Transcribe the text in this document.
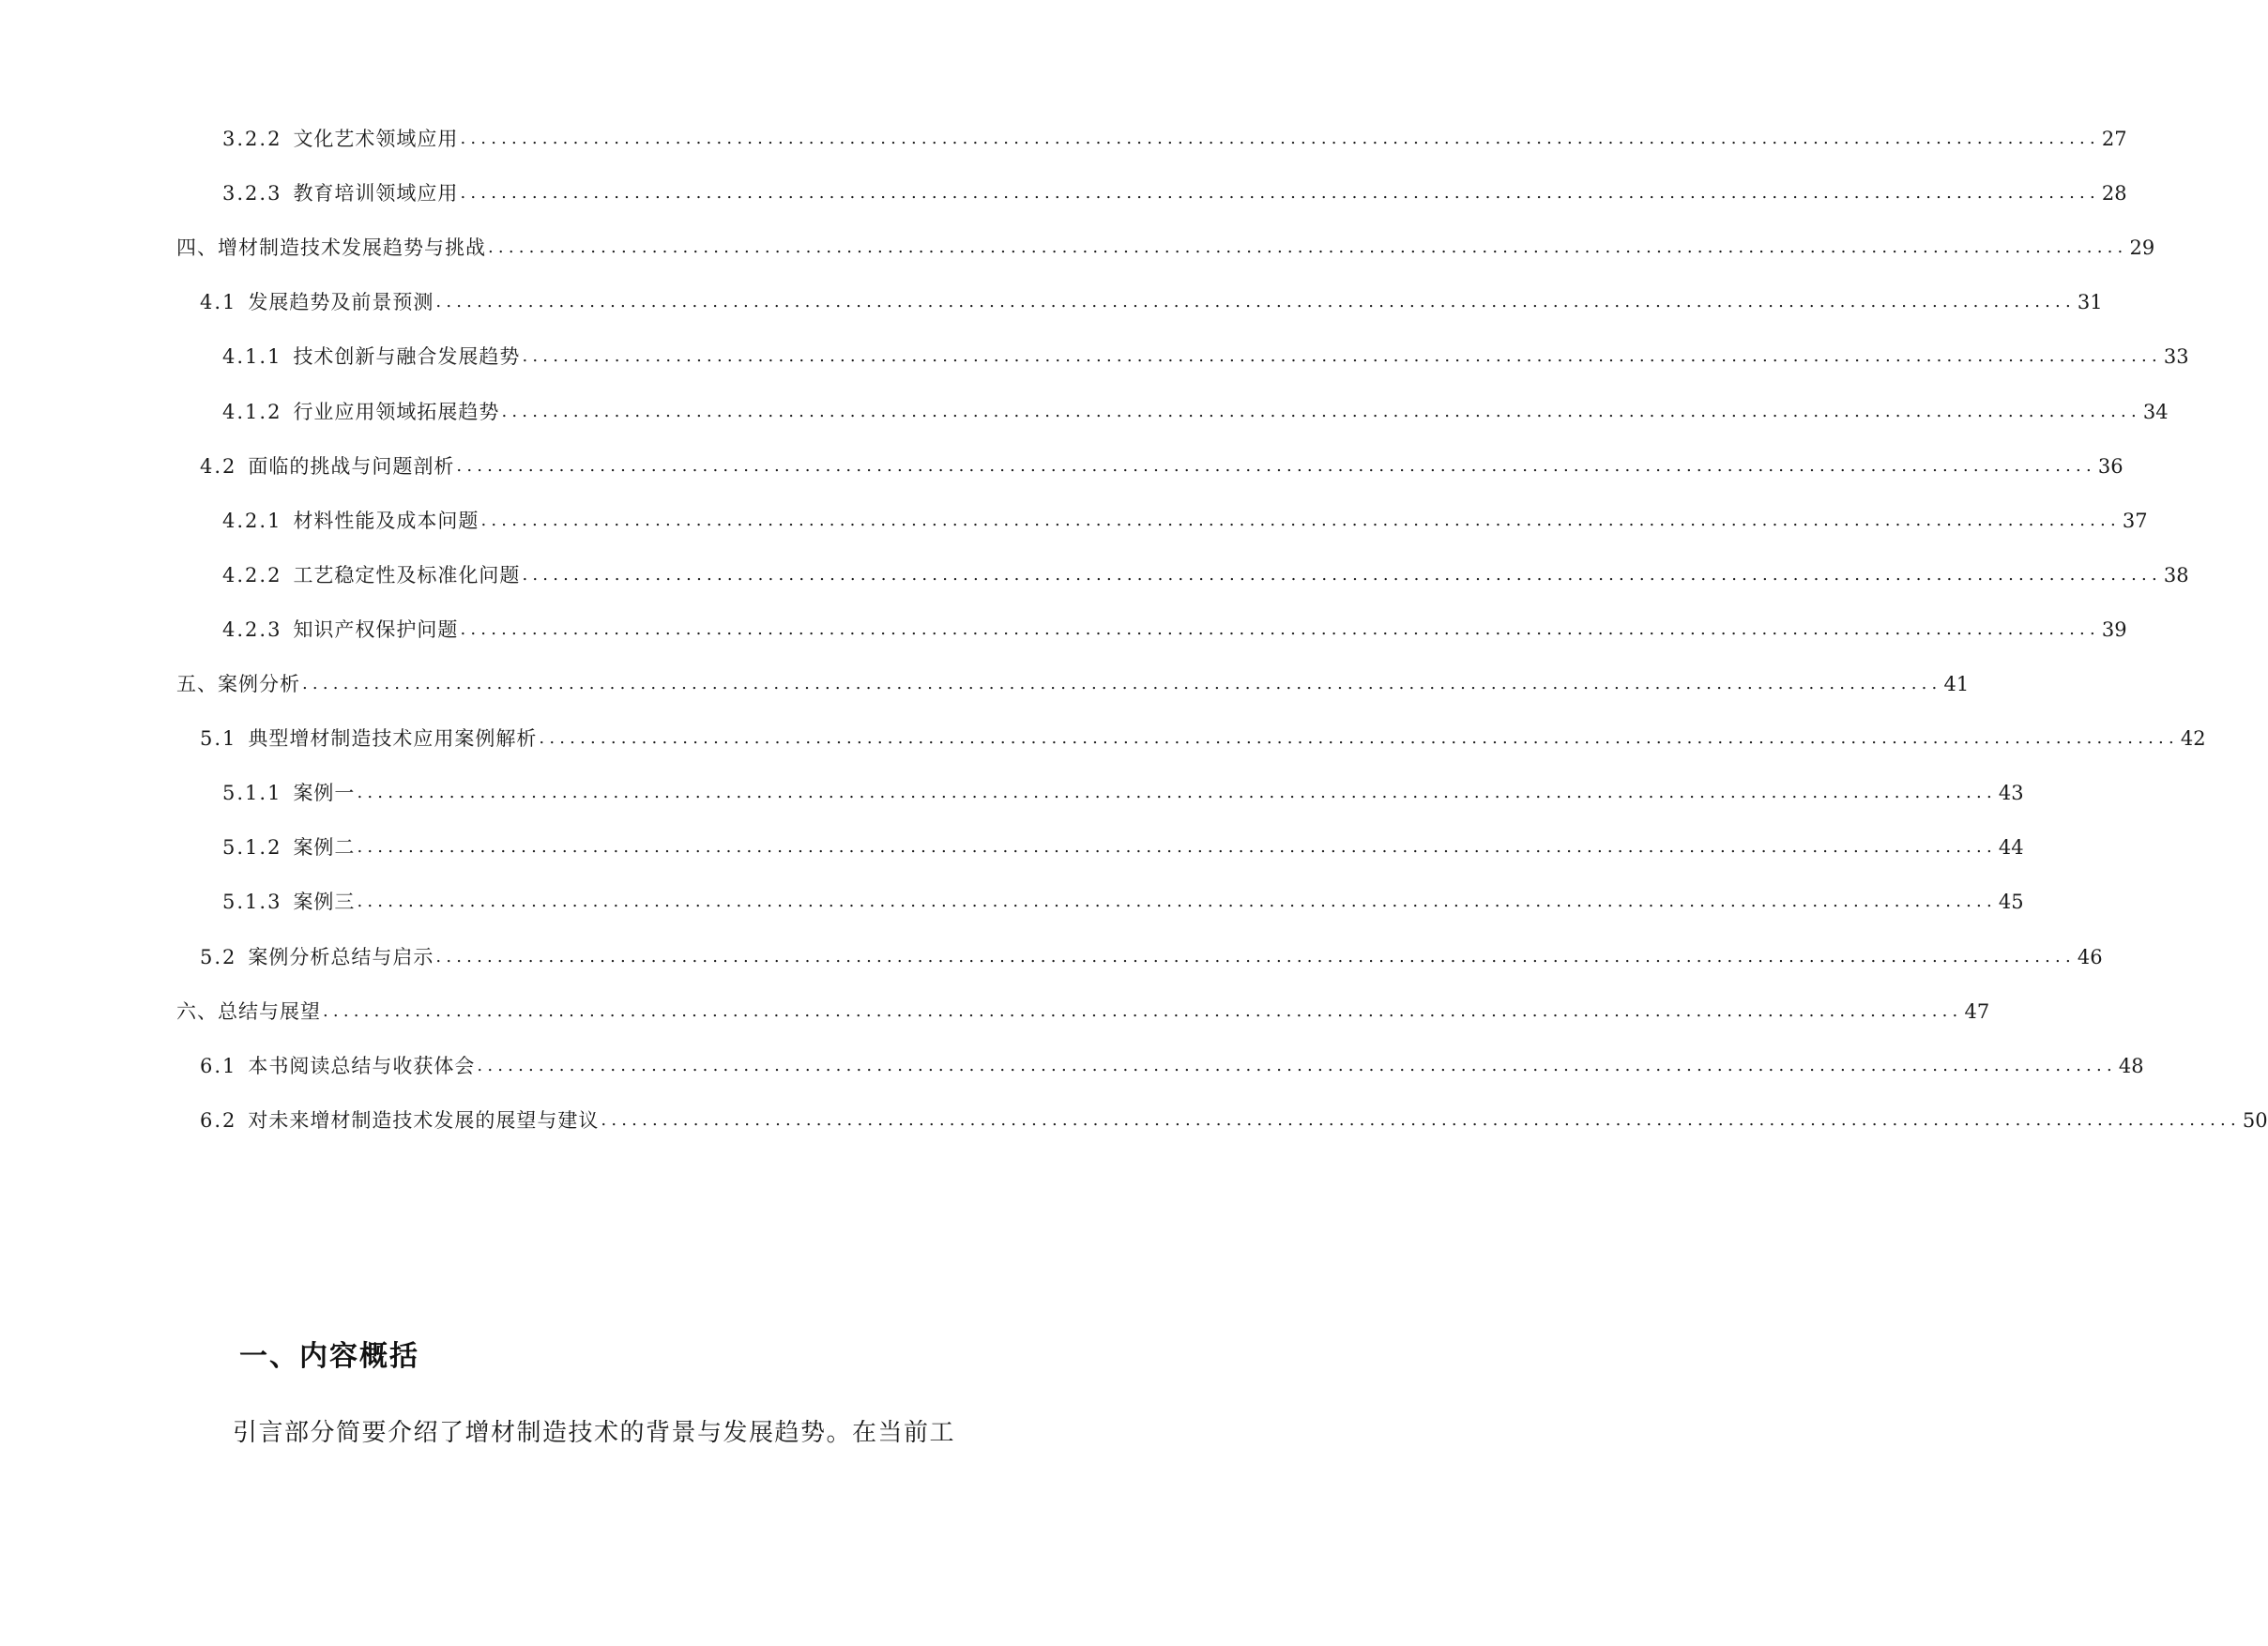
3.2.2 文化艺术领域应用 ................................................................................................................................................................ 27
3.2.3 教育培训领域应用 ................................................................................................................................................................ 28
四、增材制造技术发展趋势与挑战 ................................................................................................................................................................ 29
4.1 发展趋势及前景预测 ................................................................................................................................................................ 31
4.1.1 技术创新与融合发展趋势 ................................................................................................................................................................ 33
4.1.2 行业应用领域拓展趋势 ................................................................................................................................................................ 34
4.2 面临的挑战与问题剖析 ................................................................................................................................................................ 36
4.2.1 材料性能及成本问题 ................................................................................................................................................................ 37
4.2.2 工艺稳定性及标准化问题 ................................................................................................................................................................ 38
4.2.3 知识产权保护问题 ................................................................................................................................................................ 39
五、案例分析 ................................................................................................................................................................ 41
5.1 典型增材制造技术应用案例解析 ................................................................................................................................................................ 42
5.1.1 案例一 ................................................................................................................................................................ 43
5.1.2 案例二 ................................................................................................................................................................ 44
5.1.3 案例三 ................................................................................................................................................................ 45
5.2 案例分析总结与启示 ................................................................................................................................................................ 46
六、总结与展望 ................................................................................................................................................................ 47
6.1 本书阅读总结与收获体会 ................................................................................................................................................................ 48
6.2 对未来增材制造技术发展的展望与建议 ................................................................................................................................................................ 50
一、内容概括
引言部分简要介绍了增材制造技术的背景与发展趋势。在当前工
